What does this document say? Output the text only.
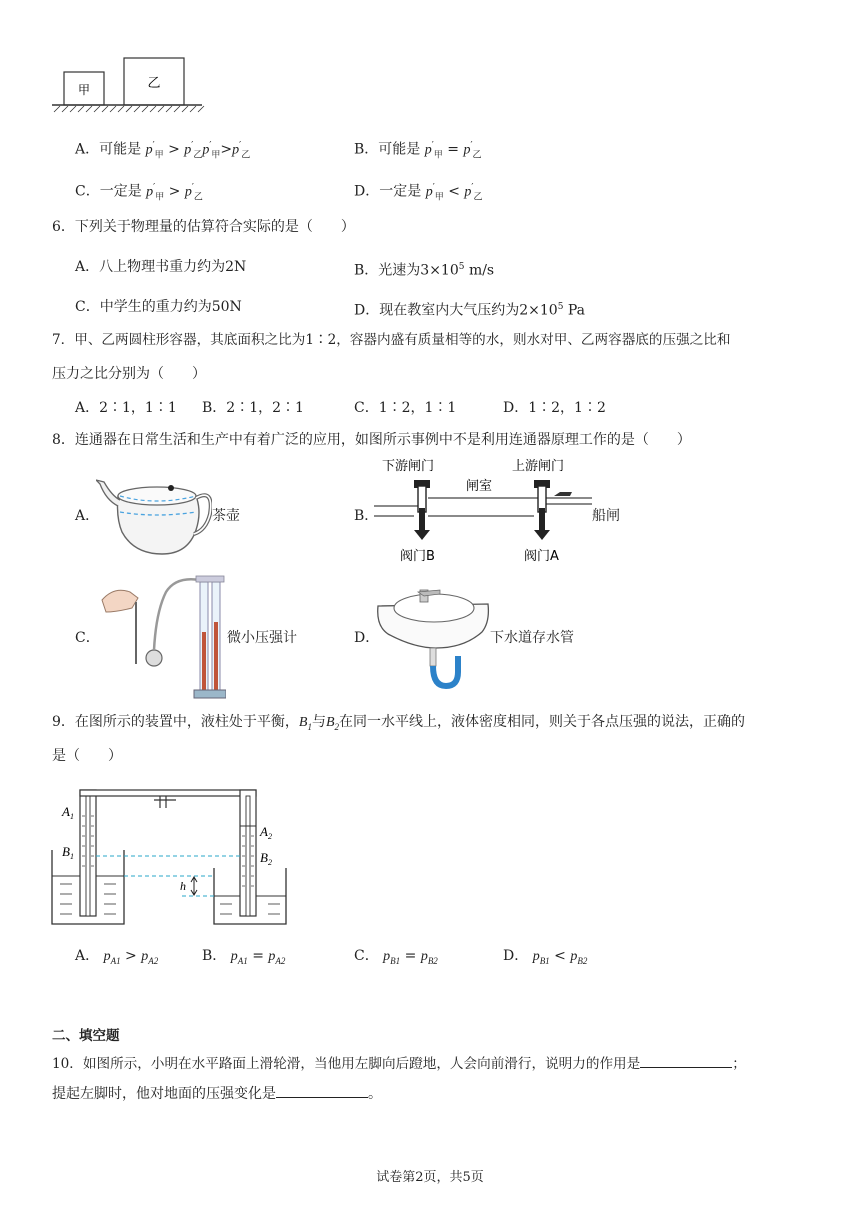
甲	乙
A．可能是 $p'_甲 > p'_乙p'_甲>p'_乙$	B．可能是 $p'_甲 = p'_乙$
C．一定是 $p'_甲 > p'_乙$	D．一定是 $p'_甲 < p'_乙$
6．下列关于物理量的估算符合实际的是（　　）
A．八上物理书重力约为2N	B．光速为$3\times 10^5$ m/s
C．中学生的重力约为50N	D．现在教室内大气压约为$2\times 10^5$ Pa
7．甲、乙两圆柱形容器，其底面积之比为1∶2，容器内盛有质量相等的水，则水对甲、乙两容器底的压强之比和
压力之比分别为（　　）
A．2∶1，1∶1 B．2∶1，2∶1	C．1∶2，1∶1	D．1∶2，1∶2
8．连通器在日常生活和生产中有着广泛的应用，如图所示事例中不是利用连通器原理工作的是（　　）
A．	茶壶	B．
下游闸门	上游闸门
闸室
阀门B	阀门A
船闸
C．	微小压强计	D．	下水道存水管
9．在图所示的装置中，液柱处于平衡，$B_1$与$B_2$在同一水平线上，液体密度相同，则关于各点压强的说法，正确的
是（　　）
h
$A_1$
$B_1$
$A_2$
$B_2$
A． $p_{A1} > p_{A2}$	B． $p_{A1} = p_{A2}$	C． $p_{B1} = p_{B2}$	D． $p_{B1} < p_{B2}$
二、填空题
10．如图所示，小明在水平路面上滑轮滑，当他用左脚向后蹬地，人会向前滑行，说明力的作用是	；
提起左脚时，他对地面的压强变化是	。
试卷第2页，共5页
